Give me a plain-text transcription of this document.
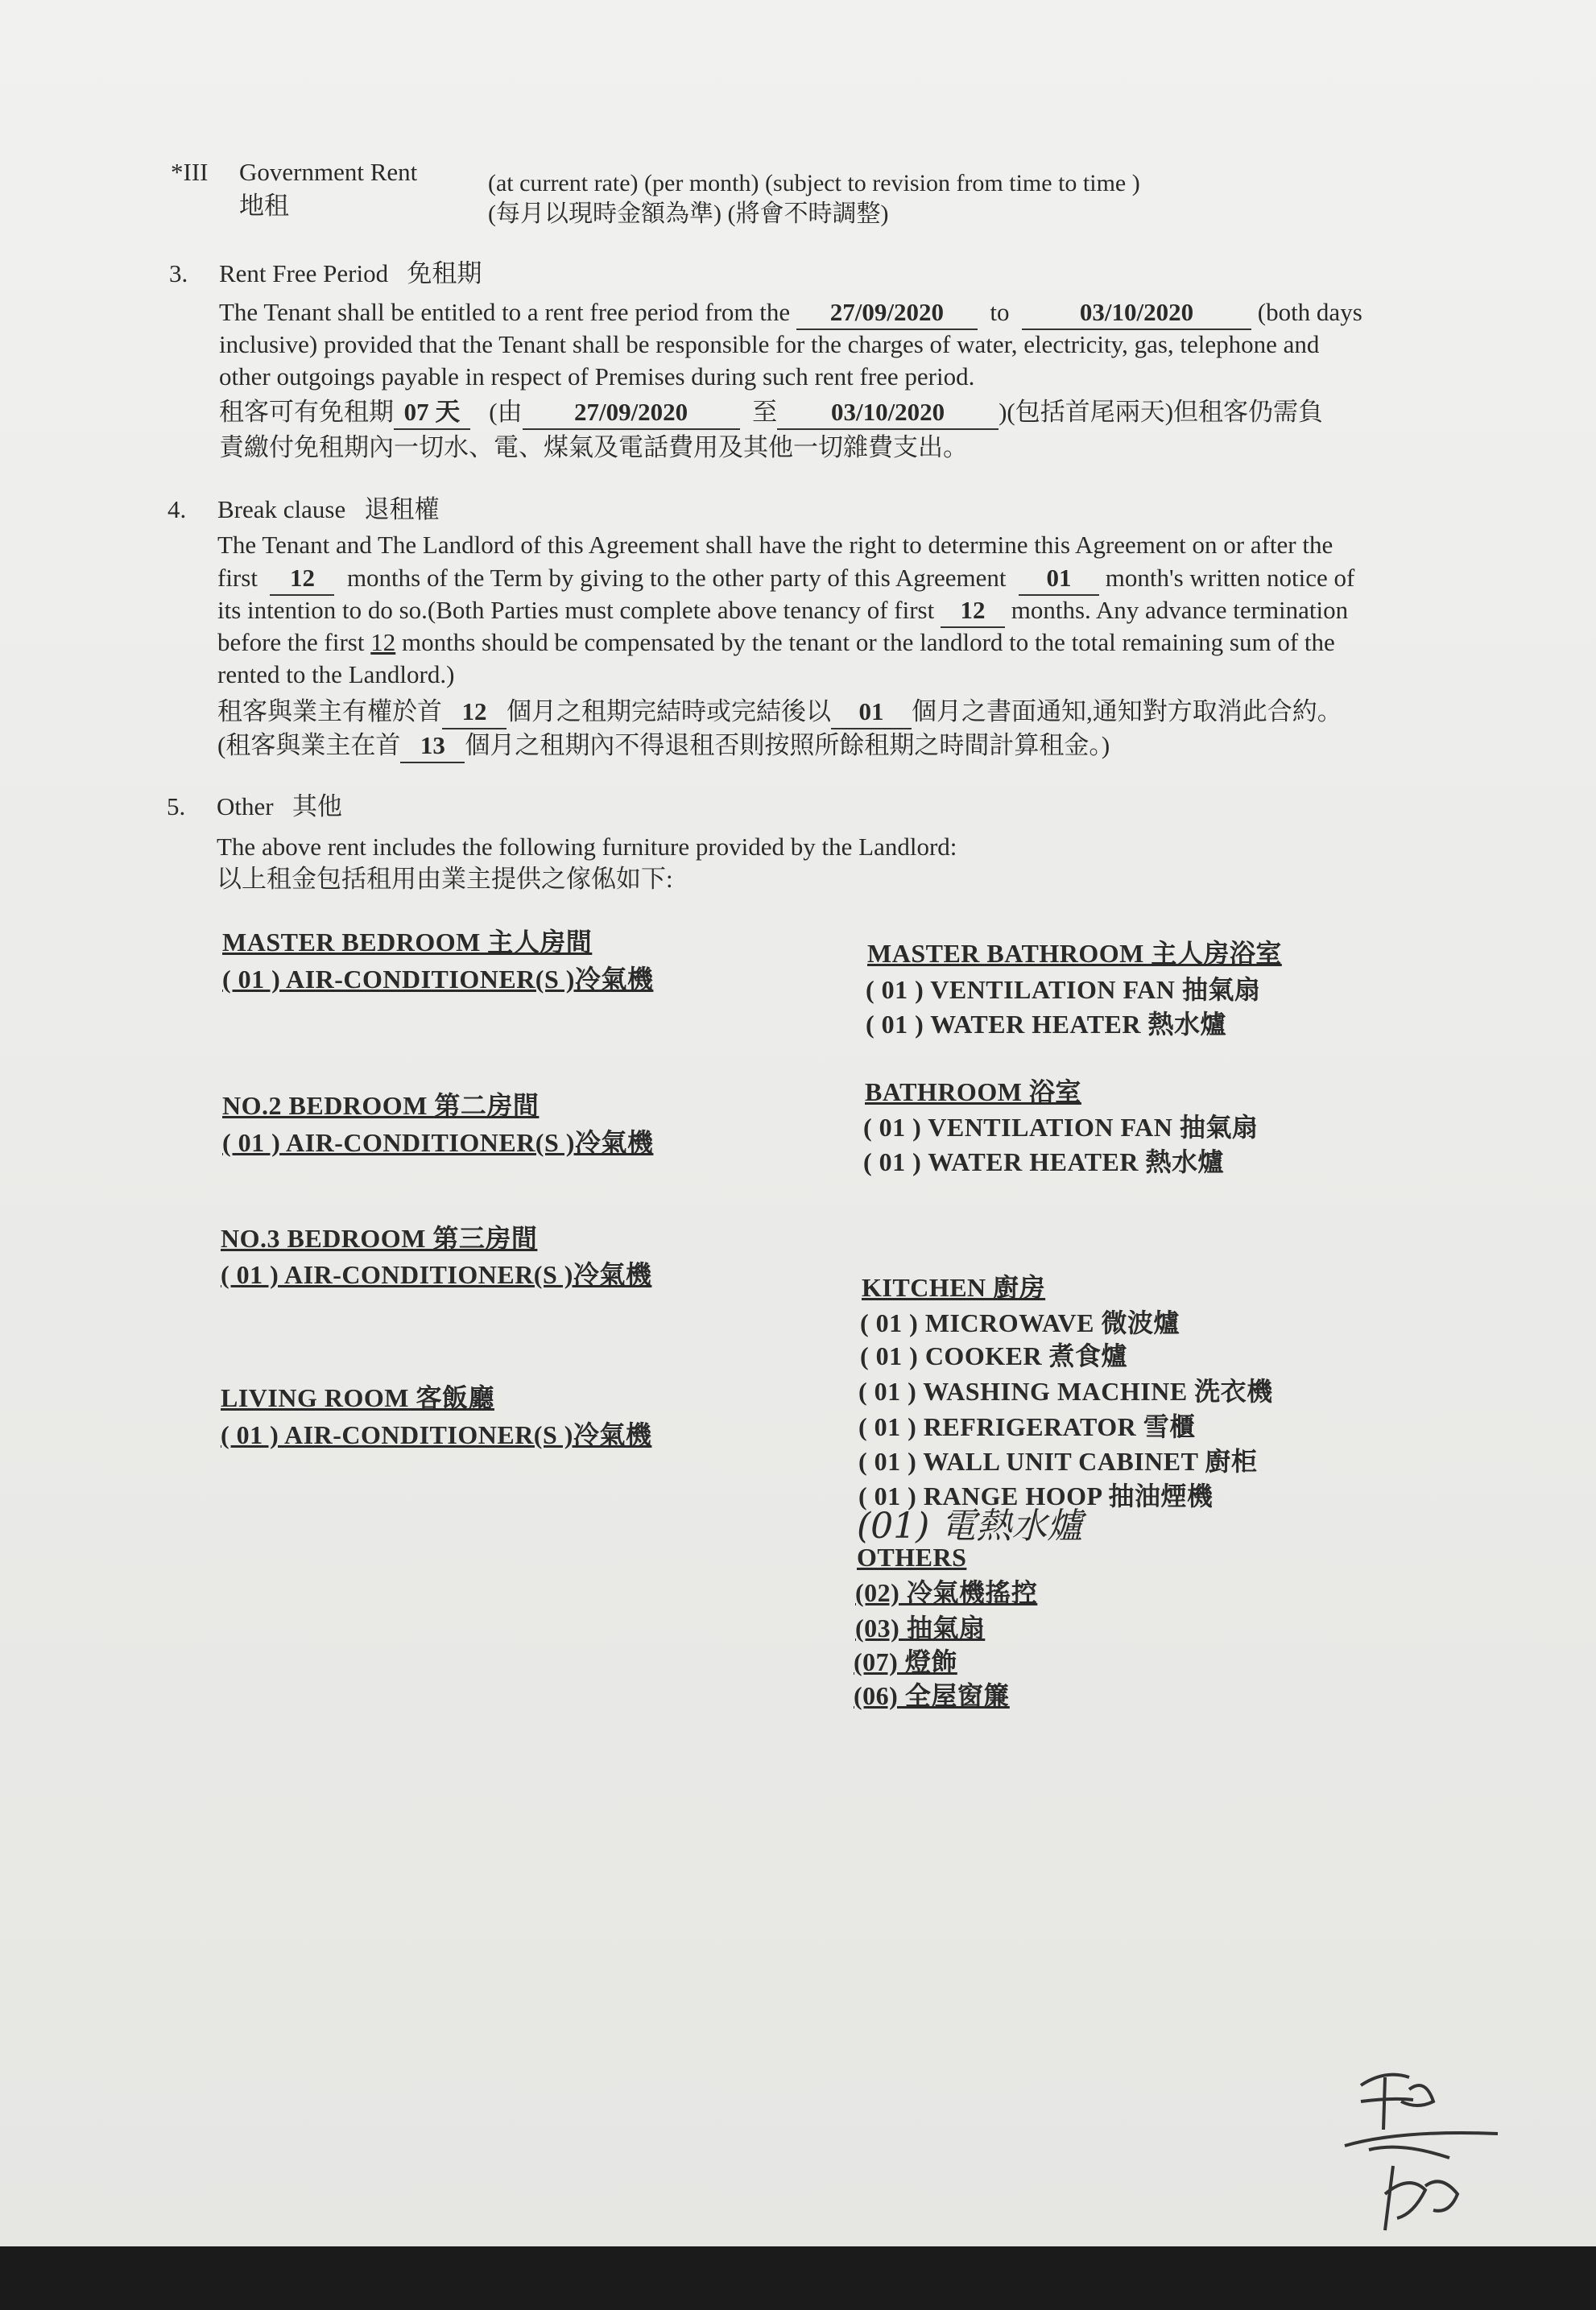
*III Government Rent
地租
(at current rate) (per month) (subject to revision from time to time )
(每月以現時金額為準) (將會不時調整)
3. Rent Free Period 免租期
The Tenant shall be entitled to a rent free period from the 27/09/2020 to	03/10/2020	(both days
inclusive) provided that the Tenant shall be responsible for the charges of water, electricity, gas, telephone and
other outgoings payable in respect of Premises during such rent free period.
租客可有免租期 07 天 (由 27/09/2020	至 03/10/2020 )(包括首尾兩天)但租客仍需負
責繳付免租期內一切水、電、煤氣及電話費用及其他一切雜費支出。
4. Break clause 退租權
The Tenant and The Landlord of this Agreement shall have the right to determine this Agreement on or after the
first 12 months of the Term by giving to the other party of this Agreement 01 month's written notice of
its intention to do so.(Both Parties must complete above tenancy of first 12 months. Any advance termination
before the first 12 months should be compensated by the tenant or the landlord to the total remaining sum of the
rented to the Landlord.)
租客與業主有權於首 12 個月之租期完結時或完結後以 01 個月之書面通知,通知對方取消此合約。
(租客與業主在首 13 個月之租期內不得退租否則按照所餘租期之時間計算租金。)
5. Other 其他
The above rent includes the following furniture provided by the Landlord:
以上租金包括租用由業主提供之傢俬如下:
MASTER BEDROOM 主人房間
( 01 ) AIR-CONDITIONER(S )冷氣機
NO.2 BEDROOM 第二房間
( 01 ) AIR-CONDITIONER(S )冷氣機
NO.3 BEDROOM 第三房間
( 01 ) AIR-CONDITIONER(S )冷氣機
LIVING ROOM 客飯廳
( 01 ) AIR-CONDITIONER(S )冷氣機
MASTER BATHROOM 主人房浴室
( 01 ) VENTILATION FAN 抽氣扇
( 01 ) WATER HEATER 熱水爐
BATHROOM 浴室
( 01 ) VENTILATION FAN 抽氣扇
( 01 ) WATER HEATER 熱水爐
KITCHEN 廚房
( 01 ) MICROWAVE 微波爐
( 01 ) COOKER 煮食爐
( 01 ) WASHING MACHINE 洗衣機
( 01 ) REFRIGERATOR 雪櫃
( 01 ) WALL UNIT CABINET 廚柜
( 01 ) RANGE HOOP 抽油煙機
(01) 電熱水爐
OTHERS
(02) 冷氣機搖控
(03) 抽氣扇
(07) 燈飾
(06) 全屋窗簾
